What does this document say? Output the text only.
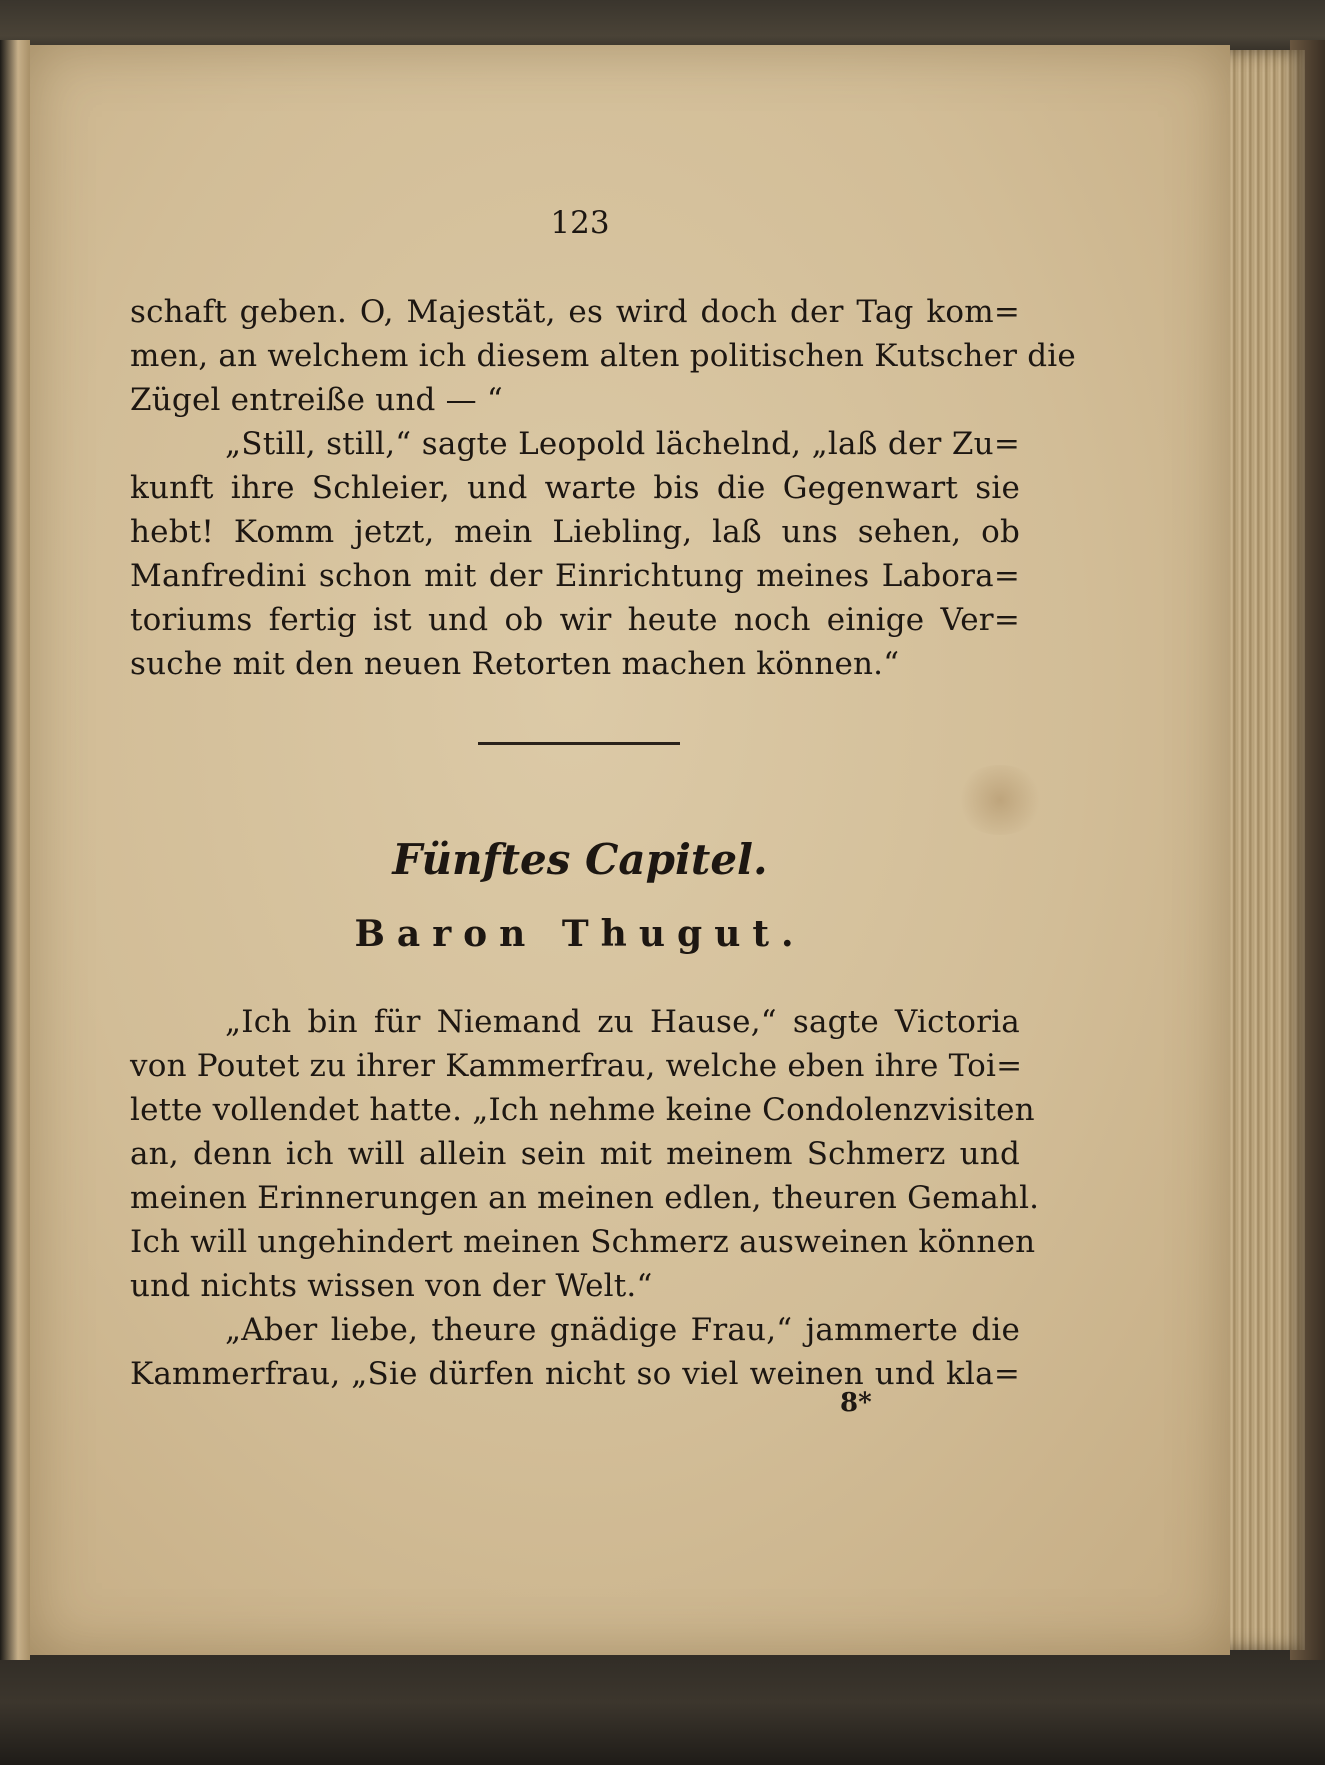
123
schaft geben. O, Majestät, es wird doch der Tag kom=
men, an welchem ich diesem alten politischen Kutscher die
Zügel entreiße und — “
„Still, still,“ sagte Leopold lächelnd, „laß der Zu=
kunft ihre Schleier, und warte bis die Gegenwart sie
hebt! Komm jetzt, mein Liebling, laß uns sehen, ob
Manfredini schon mit der Einrichtung meines Labora=
toriums fertig ist und ob wir heute noch einige Ver=
suche mit den neuen Retorten machen können.“
Fünftes Capitel.
Baron Thugut.
„Ich bin für Niemand zu Hause,“ sagte Victoria
von Poutet zu ihrer Kammerfrau, welche eben ihre Toi=
lette vollendet hatte. „Ich nehme keine Condolenzvisiten
an, denn ich will allein sein mit meinem Schmerz und
meinen Erinnerungen an meinen edlen, theuren Gemahl.
Ich will ungehindert meinen Schmerz ausweinen können
und nichts wissen von der Welt.“
„Aber liebe, theure gnädige Frau,“ jammerte die
Kammerfrau, „Sie dürfen nicht so viel weinen und kla=
8*
